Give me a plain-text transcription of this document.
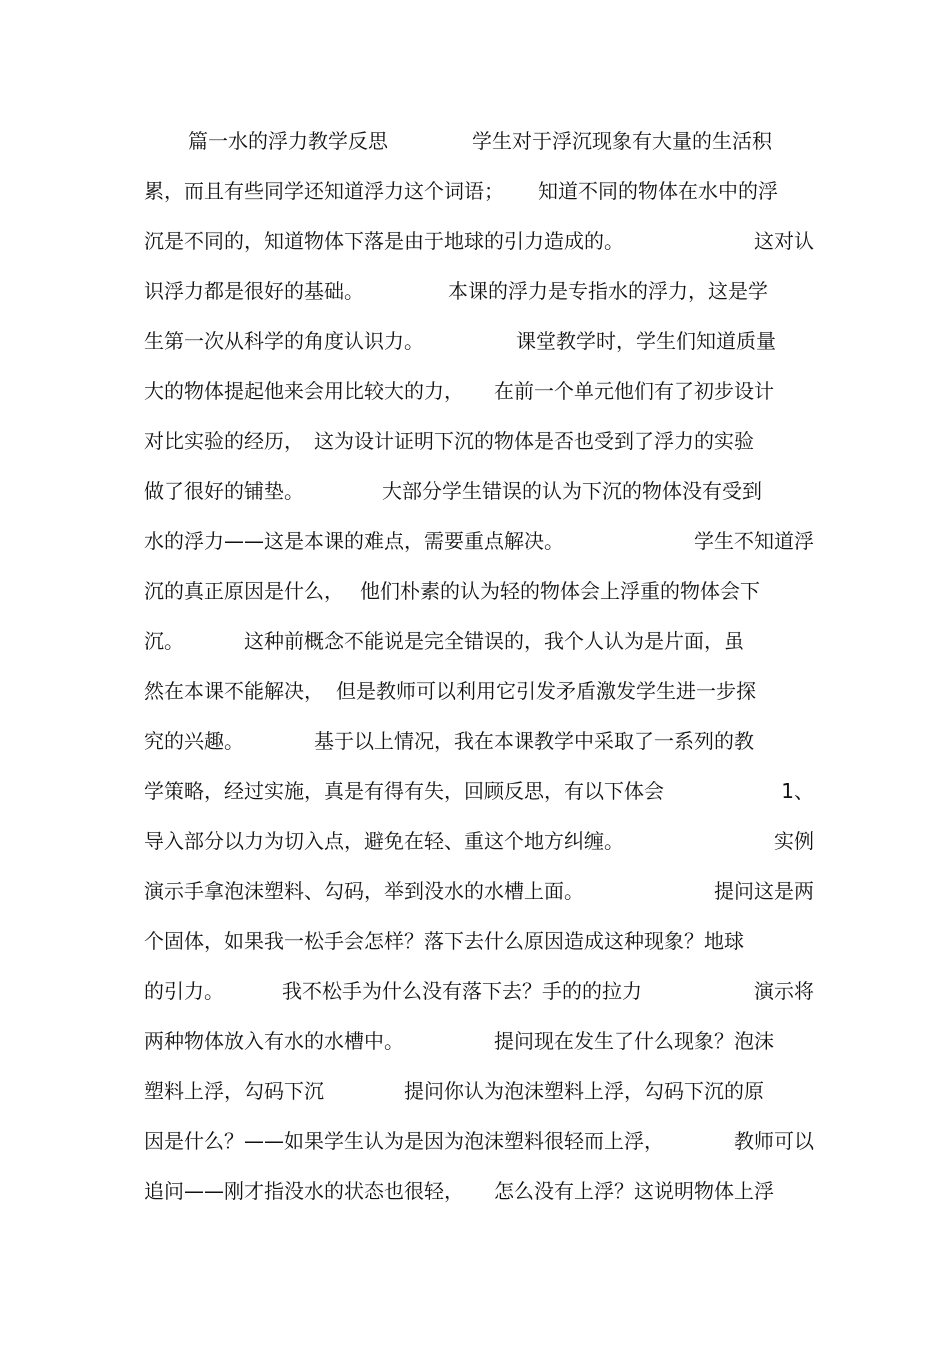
篇一水的浮力教学反思	学生对于浮沉现象有大量的生活积
累，而且有些同学还知道浮力这个词语； 知道不同的物体在水中的浮
沉是不同的，知道物体下落是由于地球的引力造成的。	这对认
识浮力都是很好的基础。	本课的浮力是专指水的浮力，这是学
生第一次从科学的角度认识力。	课堂教学时，学生们知道质量
大的物体提起他来会用比较大的力， 在前一个单元他们有了初步设计
对比实验的经历， 这为设计证明下沉的物体是否也受到了浮力的实验
做了很好的铺垫。	大部分学生错误的认为下沉的物体没有受到
水的浮力——这是本课的难点，需要重点解决。	学生不知道浮
沉的真正原因是什么， 他们朴素的认为轻的物体会上浮重的物体会下
沉。	这种前概念不能说是完全错误的，我个人认为是片面，虽
然在本课不能解决， 但是教师可以利用它引发矛盾激发学生进一步探
究的兴趣。	基于以上情况，我在本课教学中采取了一系列的教
学策略，经过实施，真是有得有失，回顾反思，有以下体会	1、
导入部分以力为切入点，避免在轻、重这个地方纠缠。	实例
演示手拿泡沫塑料、勾码，举到没水的水槽上面。	提问这是两
个固体，如果我一松手会怎样？落下去什么原因造成这种现象？地球
的引力。	我不松手为什么没有落下去？手的的拉力	演示将
两种物体放入有水的水槽中。	提问现在发生了什么现象？泡沫
塑料上浮，勾码下沉	提问你认为泡沫塑料上浮，勾码下沉的原
因是什么？——如果学生认为是因为泡沫塑料很轻而上浮，	教师可以
追问——刚才指没水的状态也很轻， 怎么没有上浮？这说明物体上浮
